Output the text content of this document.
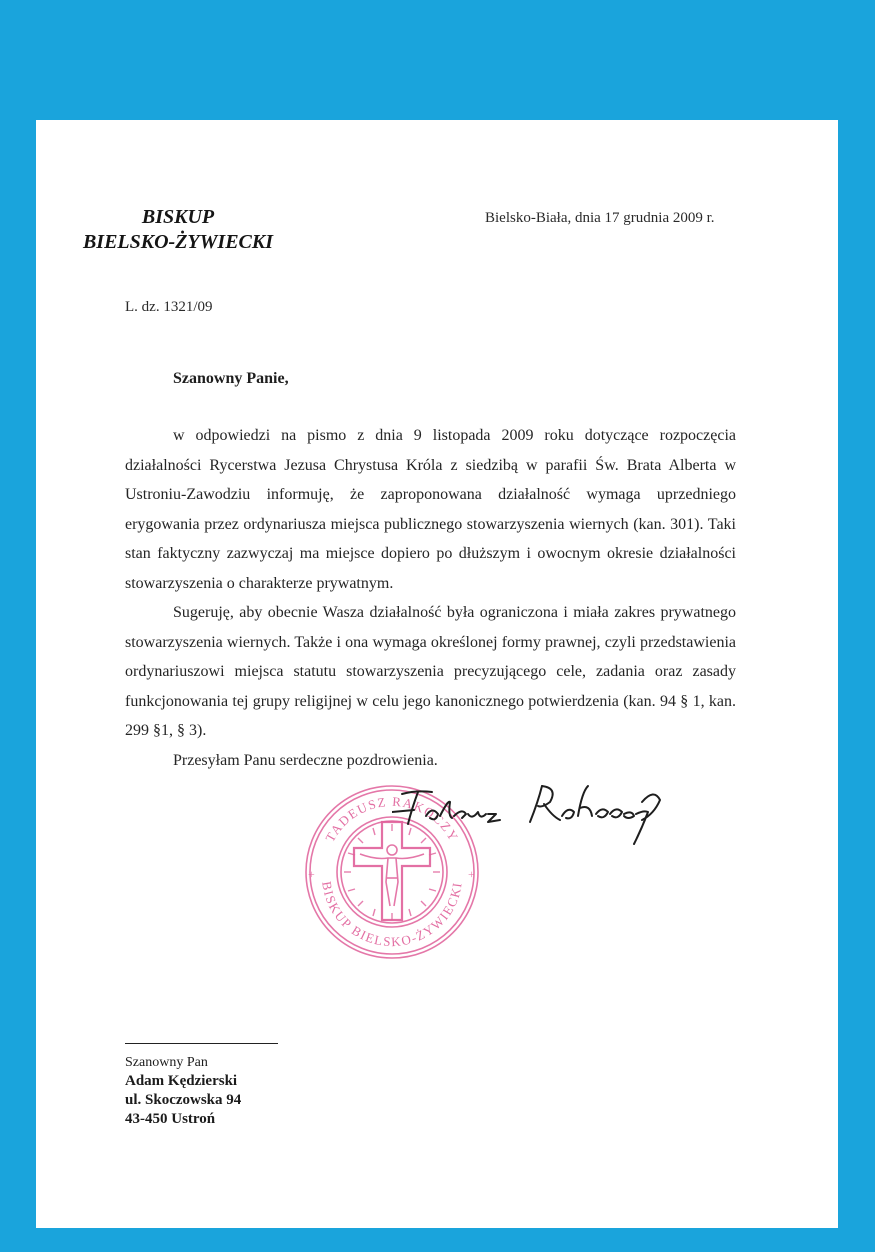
BISKUP
BIELSKO-ŻYWIECKI
Bielsko-Biała, dnia 17 grudnia 2009 r.
L. dz. 1321/09
Szanowny Panie,

w odpowiedzi na pismo z dnia 9 listopada 2009 roku dotyczące rozpoczęcia działalności Rycerstwa Jezusa Chrystusa Króla z siedzibą w parafii Św. Brata Alberta w Ustroniu-Zawodziu informuję, że zaproponowana działalność wymaga uprzedniego erygowania przez ordynariusza miejsca publicznego stowarzyszenia wiernych (kan. 301). Taki stan faktyczny zazwyczaj ma miejsce dopiero po dłuższym i owocnym okresie działalności stowarzyszenia o charakterze prywatnym.

Sugeruję, aby obecnie Wasza działalność była ograniczona i miała zakres prywatnego stowarzyszenia wiernych. Także i ona wymaga określonej formy prawnej, czyli przedstawienia ordynariuszowi miejsca statutu stowarzyszenia precyzującego cele, zadania oraz zasady funkcjonowania tej grupy religijnej w celu jego kanonicznego potwierdzenia (kan. 94 § 1, kan. 299 §1, § 3).

Przesyłam Panu serdeczne pozdrowienia.

TADEUSZ RAKOCZY
BISKUP BIELSKO-ŻYWIECKI
+	+
Szanowny Pan
Adam Kędzierski
ul. Skoczowska 94
43-450 Ustroń
